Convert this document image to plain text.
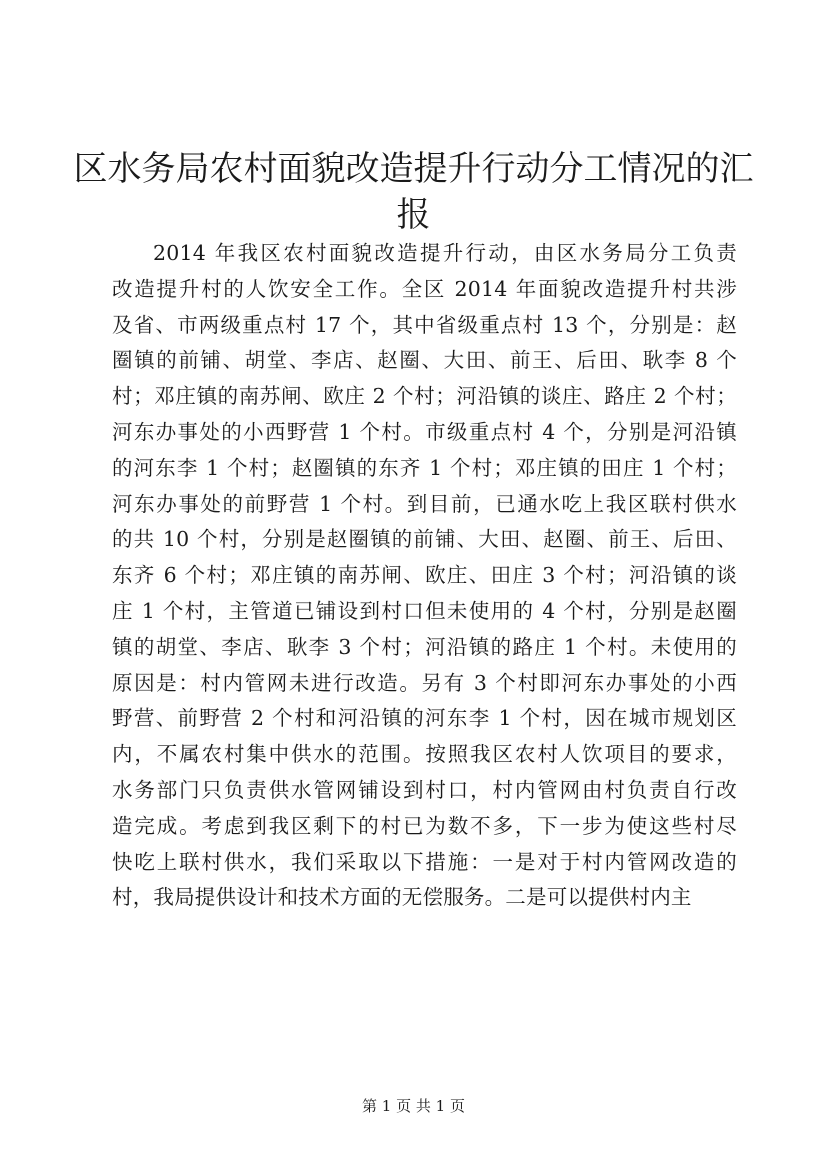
区水务局农村面貌改造提升行动分工情况的汇
报
2014 年我区农村面貌改造提升行动，由区水务局分工负责
改造提升村的人饮安全工作。全区 2014 年面貌改造提升村共涉
及省、市两级重点村 17 个，其中省级重点村 13 个，分别是：赵
圈镇的前铺、胡堂、李店、赵圈、大田、前王、后田、耿李 8 个
村；邓庄镇的南苏闸、欧庄 2 个村；河沿镇的谈庄、路庄 2 个村；
河东办事处的小西野营 1 个村。市级重点村 4 个，分别是河沿镇
的河东李 1 个村；赵圈镇的东齐 1 个村；邓庄镇的田庄 1 个村；
河东办事处的前野营 1 个村。到目前，已通水吃上我区联村供水
的共 10 个村，分别是赵圈镇的前铺、大田、赵圈、前王、后田、
东齐 6 个村；邓庄镇的南苏闸、欧庄、田庄 3 个村；河沿镇的谈
庄 1 个村，主管道已铺设到村口但未使用的 4 个村，分别是赵圈
镇的胡堂、李店、耿李 3 个村；河沿镇的路庄 1 个村。未使用的
原因是：村内管网未进行改造。另有 3 个村即河东办事处的小西
野营、前野营 2 个村和河沿镇的河东李 1 个村，因在城市规划区
内，不属农村集中供水的范围。按照我区农村人饮项目的要求，
水务部门只负责供水管网铺设到村口，村内管网由村负责自行改
造完成。考虑到我区剩下的村已为数不多，下一步为使这些村尽
快吃上联村供水，我们采取以下措施：一是对于村内管网改造的
村，我局提供设计和技术方面的无偿服务。二是可以提供村内主
第 1 页 共 1 页
